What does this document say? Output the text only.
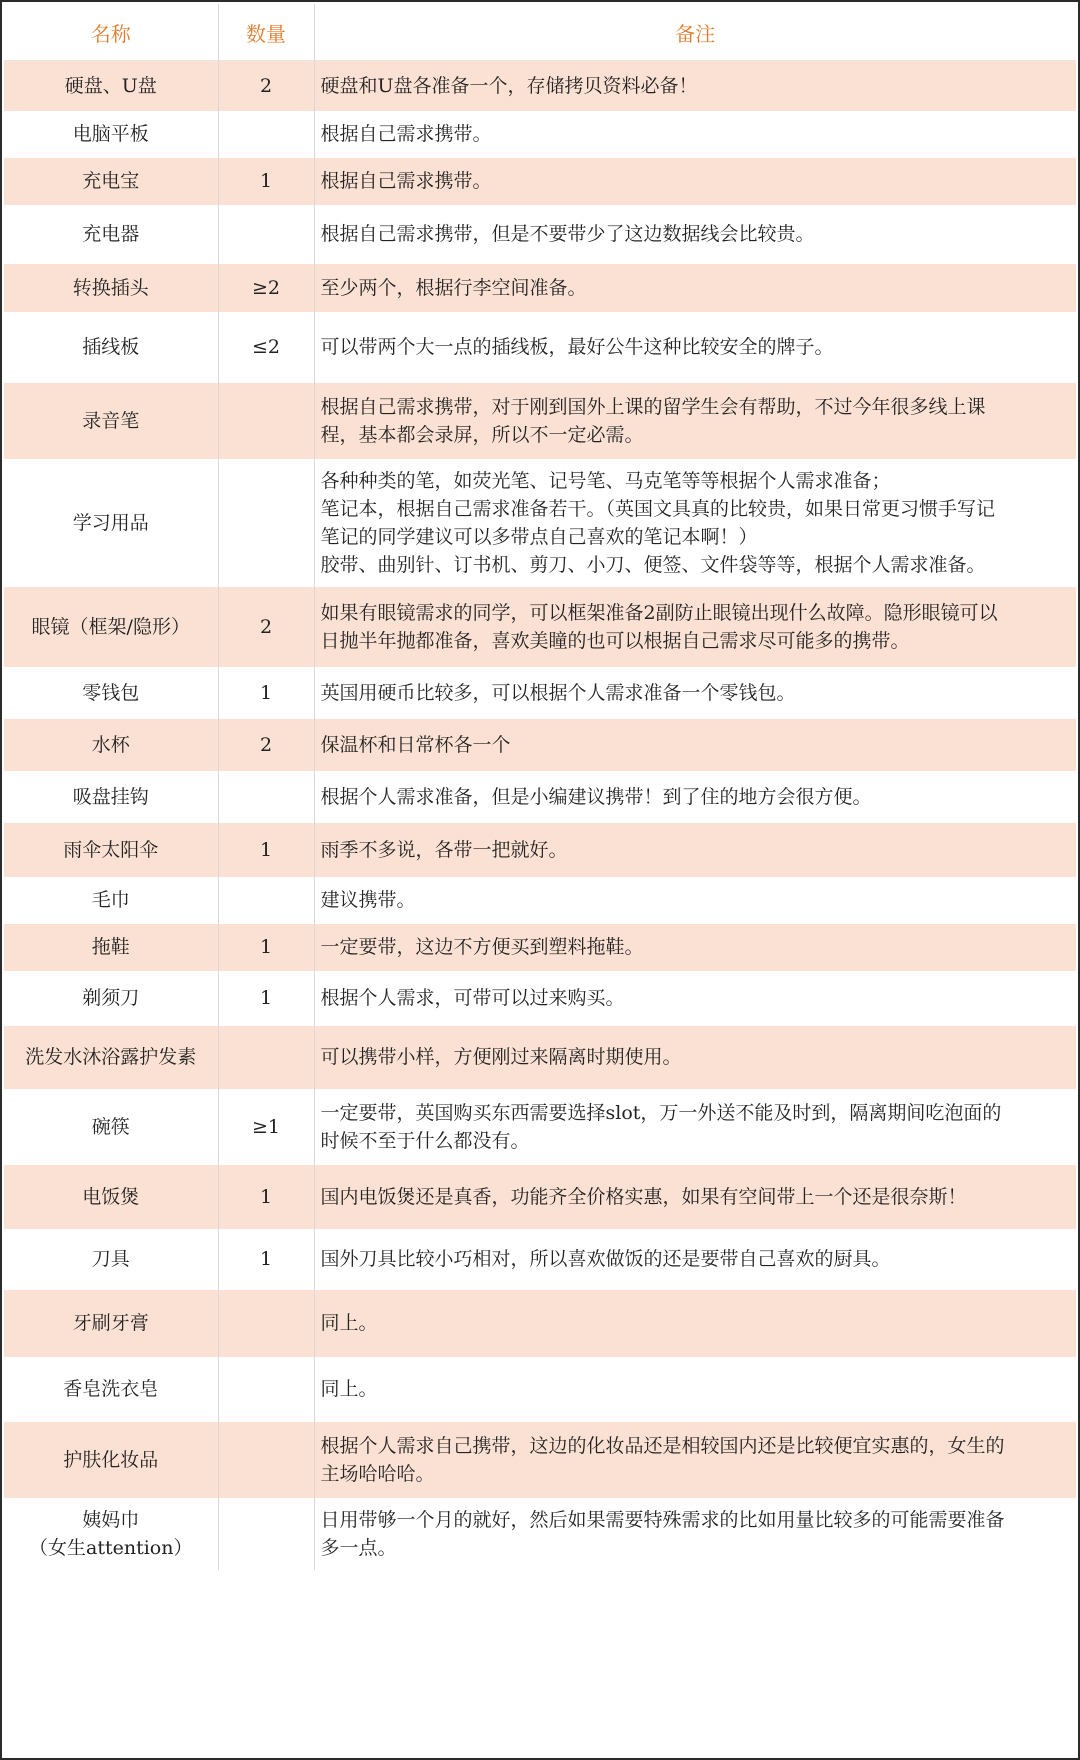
名称	数量	备注

硬盘、U盘	2	硬盘和U盘各准备一个，存储拷贝资料必备！

电脑平板		根据自己需求携带。

充电宝	1	根据自己需求携带。

充电器		根据自己需求携带，但是不要带少了这边数据线会比较贵。

转换插头	≥2	至少两个，根据行李空间准备。

插线板	≤2	可以带两个大一点的插线板，最好公牛这种比较安全的牌子。

录音笔		根据自己需求携带，对于刚到国外上课的留学生会有帮助，不过今年很多线上课
程，基本都会录屏，所以不一定必需。

学习用品		各种种类的笔，如荧光笔、记号笔、马克笔等等根据个人需求准备；
笔记本，根据自己需求准备若干。（英国文具真的比较贵，如果日常更习惯手写记
笔记的同学建议可以多带点自己喜欢的笔记本啊！）
胶带、曲别针、订书机、剪刀、小刀、便签、文件袋等等，根据个人需求准备。

眼镜（框架/隐形）	2	如果有眼镜需求的同学，可以框架准备2副防止眼镜出现什么故障。隐形眼镜可以
日抛半年抛都准备，喜欢美瞳的也可以根据自己需求尽可能多的携带。

零钱包	1	英国用硬币比较多，可以根据个人需求准备一个零钱包。

水杯	2	保温杯和日常杯各一个

吸盘挂钩		根据个人需求准备，但是小编建议携带！到了住的地方会很方便。

雨伞太阳伞	1	雨季不多说，各带一把就好。

毛巾		建议携带。

拖鞋	1	一定要带，这边不方便买到塑料拖鞋。

剃须刀	1	根据个人需求，可带可以过来购买。

洗发水沐浴露护发素		可以携带小样，方便刚过来隔离时期使用。

碗筷	≥1	一定要带，英国购买东西需要选择slot，万一外送不能及时到，隔离期间吃泡面的
时候不至于什么都没有。

电饭煲	1	国内电饭煲还是真香，功能齐全价格实惠，如果有空间带上一个还是很奈斯！

刀具	1	国外刀具比较小巧相对，所以喜欢做饭的还是要带自己喜欢的厨具。

牙刷牙膏		同上。

香皂洗衣皂		同上。

护肤化妆品		根据个人需求自己携带，这边的化妆品还是相较国内还是比较便宜实惠的，女生的
主场哈哈哈。

姨妈巾
（女生attention）		日用带够一个月的就好，然后如果需要特殊需求的比如用量比较多的可能需要准备
多一点。
